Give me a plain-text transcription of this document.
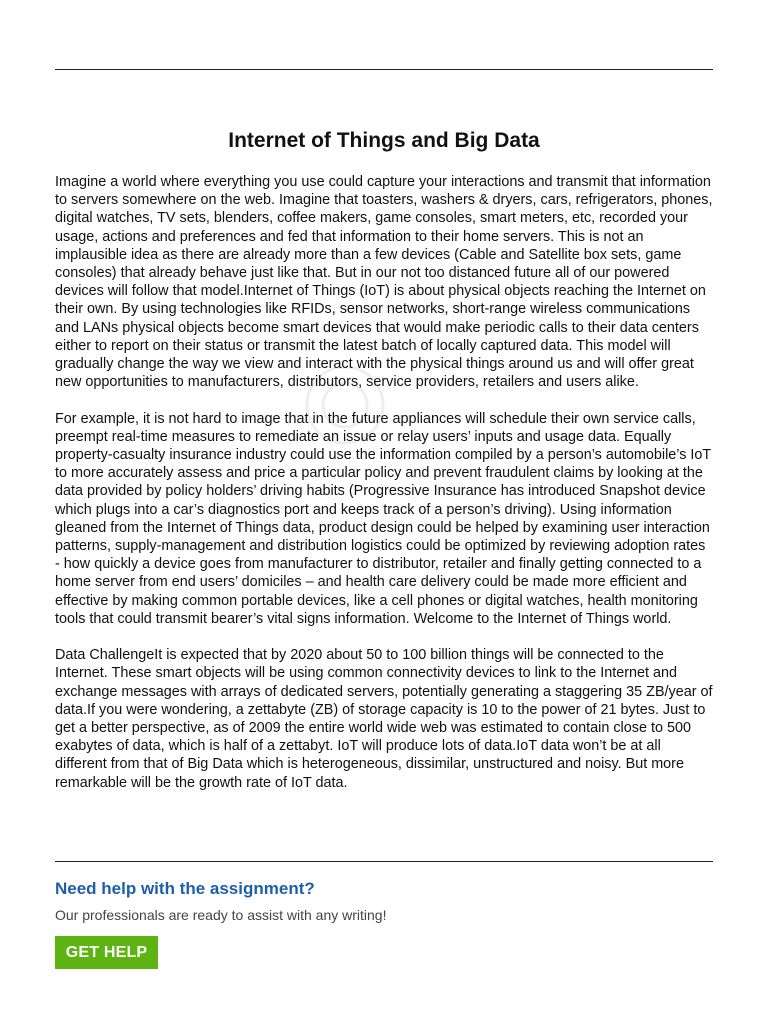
Internet of Things and Big Data

Imagine a world where everything you use could capture your interactions and transmit that information to servers somewhere on the web. Imagine that toasters, washers & dryers, cars, refrigerators, phones, digital watches, TV sets, blenders, coffee makers, game consoles, smart meters, etc, recorded your usage, actions and preferences and fed that information to their home servers. This is not an implausible idea as there are already more than a few devices (Cable and Satellite box sets, game consoles) that already behave just like that. But in our not too distanced future all of our powered devices will follow that model.Internet of Things (IoT) is about physical objects reaching the Internet on their own. By using technologies like RFIDs, sensor networks, short-range wireless communications and LANs physical objects become smart devices that would make periodic calls to their data centers either to report on their status or transmit the latest batch of locally captured data. This model will gradually change the way we view and interact with the physical things around us and will offer great new opportunities to manufacturers, distributors, service providers, retailers and users alike.

For example, it is not hard to image that in the future appliances will schedule their own service calls, preempt real-time measures to remediate an issue or relay users’ inputs and usage data. Equally property-casualty insurance industry could use the information compiled by a person’s automobile’s IoT to more accurately assess and price a particular policy and prevent fraudulent claims by looking at the data provided by policy holders’ driving habits (Progressive Insurance has introduced Snapshot device which plugs into a car’s diagnostics port and keeps track of a person’s driving). Using information gleaned from the Internet of Things data, product design could be helped by examining user interaction patterns, supply-management and distribution logistics could be optimized by reviewing adoption rates - how quickly a device goes from manufacturer to distributor, retailer and finally getting connected to a home server from end users’ domiciles – and health care delivery could be made more efficient and effective by making common portable devices, like a cell phones or digital watches, health monitoring tools that could transmit bearer’s vital signs information. Welcome to the Internet of Things world.

Data ChallengeIt is expected that by 2020 about 50 to 100 billion things will be connected to the Internet. These smart objects will be using common connectivity devices to link to the Internet and exchange messages with arrays of dedicated servers, potentially generating a staggering 35 ZB/year of data.If you were wondering, a zettabyte (ZB) of storage capacity is 10 to the power of 21 bytes. Just to get a better perspective, as of 2009 the entire world wide web was estimated to contain close to 500 exabytes of data, which is half of a zettabyt. IoT will produce lots of data.IoT data won’t be at all different from that of Big Data which is heterogeneous, dissimilar, unstructured and noisy. But more remarkable will be the growth rate of IoT data.

Need help with the assignment?

Our professionals are ready to assist with any writing!

GET HELP
